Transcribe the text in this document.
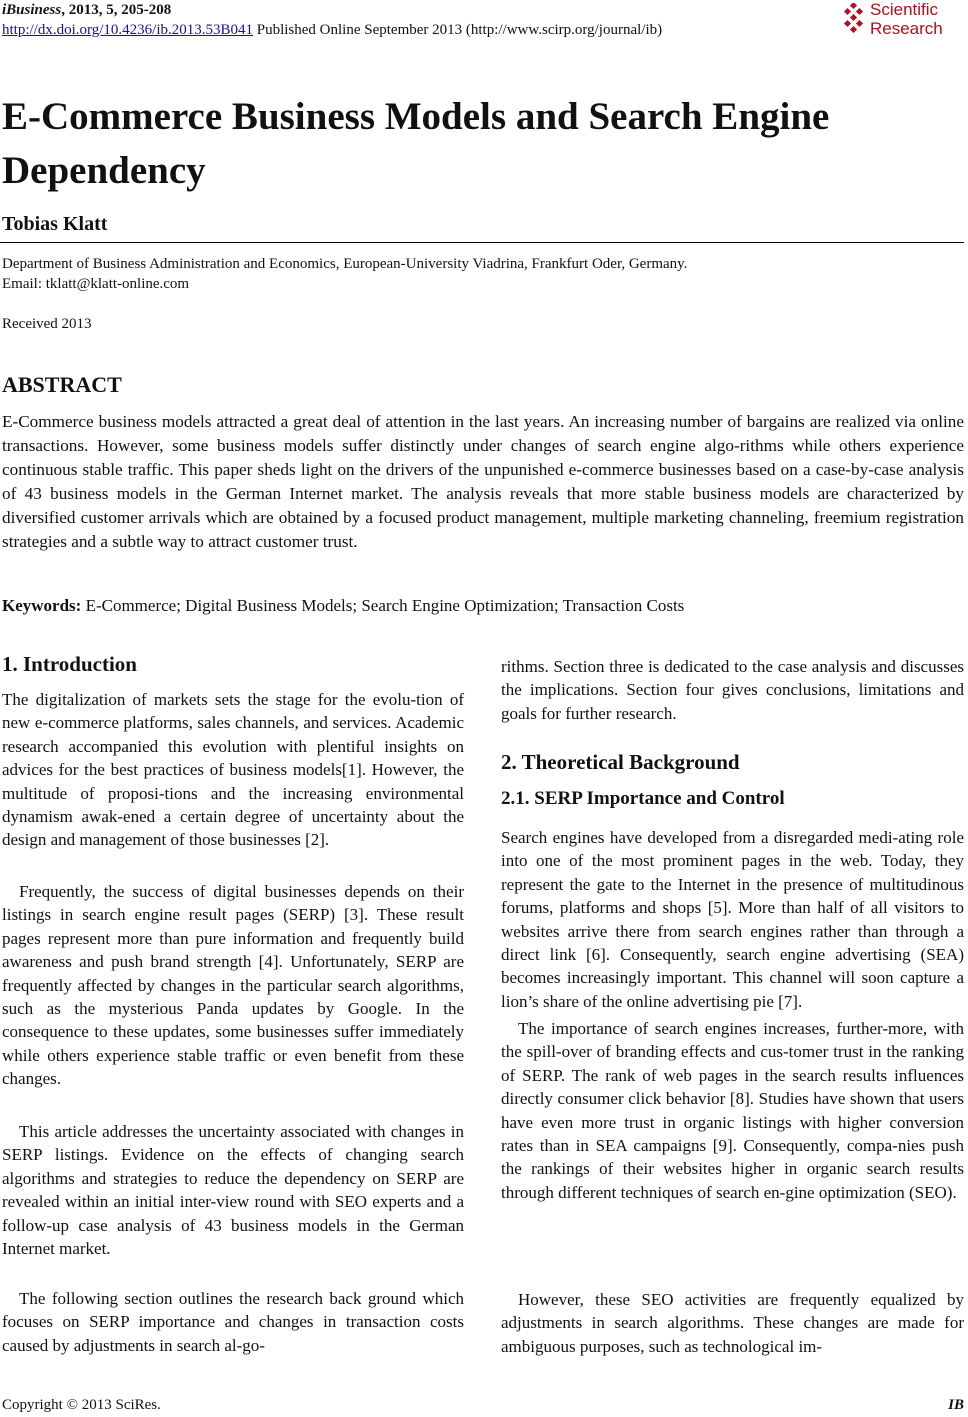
iBusiness, 2013, 5, 205-208
http://dx.doi.org/10.4236/ib.2013.53B041 Published Online September 2013 (http://www.scirp.org/journal/ib)
Scientific
Research
E-Commerce Business Models and Search Engine Dependency

Tobias Klatt

Department of Business Administration and Economics, European-University Viadrina, Frankfurt Oder, Germany.
Email: tklatt@klatt-online.com
Received 2013
ABSTRACT

E-Commerce business models attracted a great deal of attention in the last years. An increasing number of bargains are realized via online transactions. However, some business models suffer distinctly under changes of search engine algo-rithms while others experience continuous stable traffic. This paper sheds light on the drivers of the unpunished e-commerce businesses based on a case-by-case analysis of 43 business models in the German Internet market. The analysis reveals that more stable business models are characterized by diversified customer arrivals which are obtained by a focused product management, multiple marketing channeling, freemium registration strategies and a subtle way to attract customer trust.

Keywords: E-Commerce; Digital Business Models; Search Engine Optimization; Transaction Costs
1. Introduction

The digitalization of markets sets the stage for the evolu-tion of new e-commerce platforms, sales channels, and services. Academic research accompanied this evolution with plentiful insights on advices for the best practices of business models[1]. However, the multitude of proposi-tions and the increasing environmental dynamism awak-ened a certain degree of uncertainty about the design and management of those businesses [2].

Frequently, the success of digital businesses depends on their listings in search engine result pages (SERP) [3]. These result pages represent more than pure information and frequently build awareness and push brand strength [4]. Unfortunately, SERP are frequently affected by changes in the particular search algorithms, such as the mysterious Panda updates by Google. In the consequence to these updates, some businesses suffer immediately while others experience stable traffic or even benefit from these changes.

This article addresses the uncertainty associated with changes in SERP listings. Evidence on the effects of changing search algorithms and strategies to reduce the dependency on SERP are revealed within an initial inter-view round with SEO experts and a follow-up case analysis of 43 business models in the German Internet market.

The following section outlines the research back ground which focuses on SERP importance and changes in transaction costs caused by adjustments in search al-go-

rithms. Section three is dedicated to the case analysis and discusses the implications. Section four gives conclusions, limitations and goals for further research.

2. Theoretical Background
2.1. SERP Importance and Control

Search engines have developed from a disregarded medi-ating role into one of the most prominent pages in the web. Today, they represent the gate to the Internet in the presence of multitudinous forums, platforms and shops [5]. More than half of all visitors to websites arrive there from search engines rather than through a direct link [6]. Consequently, search engine advertising (SEA) becomes increasingly important. This channel will soon capture a lion’s share of the online advertising pie [7].

The importance of search engines increases, further-more, with the spill-over of branding effects and cus-tomer trust in the ranking of SERP. The rank of web pages in the search results influences directly consumer click behavior [8]. Studies have shown that users have even more trust in organic listings with higher conversion rates than in SEA campaigns [9]. Consequently, compa-nies push the rankings of their websites higher in organic search results through different techniques of search en-gine optimization (SEO).

However, these SEO activities are frequently equalized by adjustments in search algorithms. These changes are made for ambiguous purposes, such as technological im-

Copyright © 2013 SciRes.	IB
